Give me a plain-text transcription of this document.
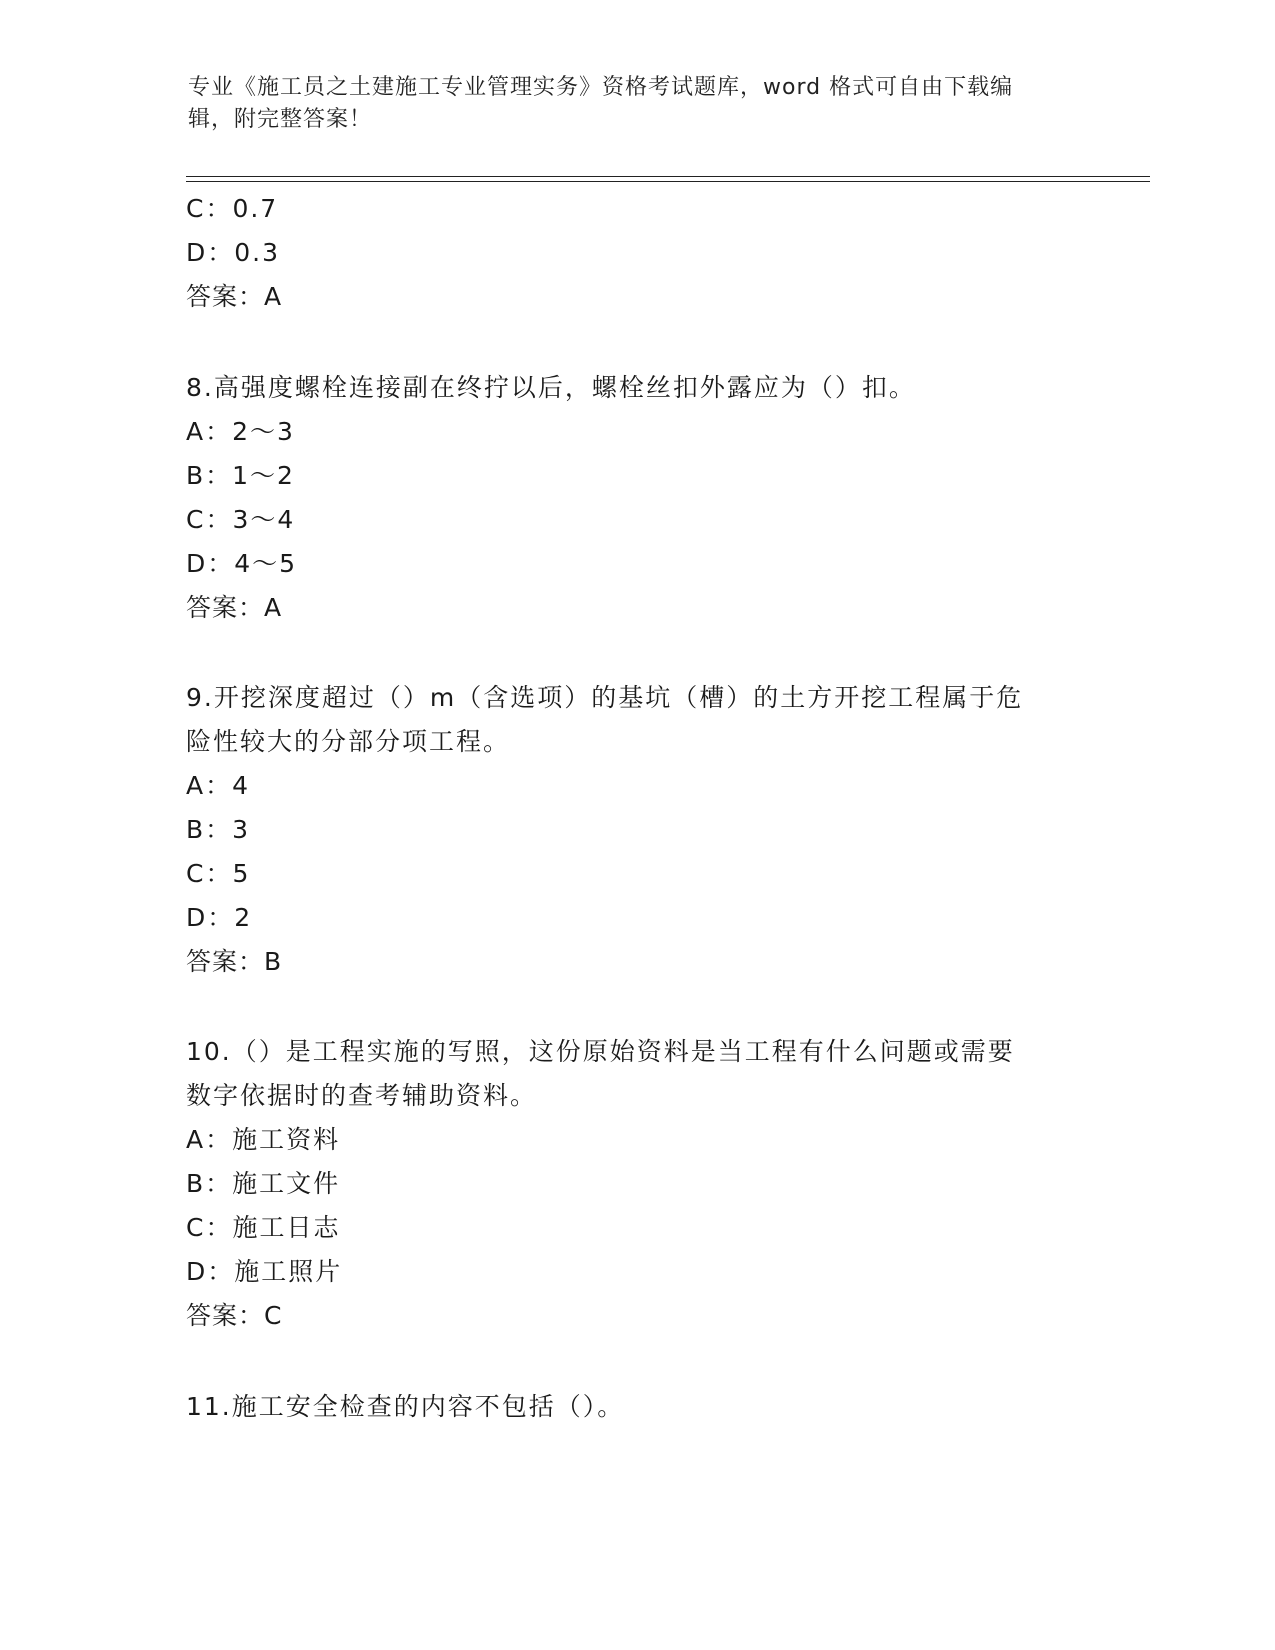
专业《施工员之土建施工专业管理实务》资格考试题库，word 格式可自由下载编
辑，附完整答案！
C：0.7
D：0.3
答案：A
8.高强度螺栓连接副在终拧以后，螺栓丝扣外露应为（）扣。
A：2～3
B：1～2
C：3～4
D：4～5
答案：A
9.开挖深度超过（）m（含选项）的基坑（槽）的土方开挖工程属于危
险性较大的分部分项工程。
A：4
B：3
C：5
D：2
答案：B
10.（）是工程实施的写照，这份原始资料是当工程有什么问题或需要
数字依据时的查考辅助资料。
A：施工资料
B：施工文件
C：施工日志
D：施工照片
答案：C
11.施工安全检查的内容不包括（）。
